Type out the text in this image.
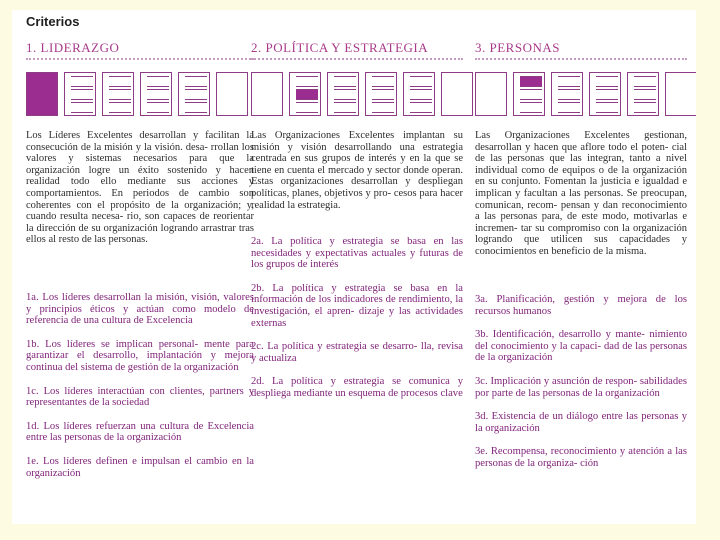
Criterios
1. LIDERAZGO
Los Líderes Excelentes desarrollan y facilitan la consecución de la misión y la visión. desa- rrollan los valores y sistemas necesarios para que la organización logre un éxito sostenido y hacen realidad todo ello mediante sus acciones y comportamientos. En periodos de cambio son coherentes con el propósito de la organización; y, cuando resulta necesa- rio, son capaces de reorientar la dirección de su organización logrando arrastrar tras ellos al resto de las personas.
1a. Los líderes desarrollan la misión, visión, valores y principios éticos y actúan como modelo de referencia de una cultura de Excelencia
1b. Los líderes se implican personal- mente para garantizar el desarrollo, implantación y mejora continua del sistema de gestión de la organización
1c. Los líderes interactúan con clientes, partners y representantes de la sociedad
1d. Los líderes refuerzan una cultura de Excelencia entre las personas de la organización
1e. Los líderes definen e impulsan el cambio en la organización
2. POLÍTICA Y ESTRATEGIA
Las Organizaciones Excelentes implantan su misión y visión desarrollando una estrategia centrada en sus grupos de interés y en la que se tiene en cuenta el mercado y sector donde operan. Estas organizaciones desarrollan y despliegan políticas, planes, objetivos y pro- cesos para hacer realidad la estrategia.
2a. La política y estrategia se basa en las necesidades y expectativas actuales y futuras de los grupos de interés
2b. La política y estrategia se basa en la información de los indicadores de rendimiento, la investigación, el apren- dizaje y las actividades externas
2c. La política y estrategia se desarro- lla, revisa y actualiza
2d. La política y estrategia se comunica y despliega mediante un esquema de procesos clave
3. PERSONAS
Las Organizaciones Excelentes gestionan, desarrollan y hacen que aflore todo el poten- cial de las personas que las integran, tanto a nivel individual como de equipos o de la organización en su conjunto. Fomentan la justicia e igualdad e implican y facultan a las personas. Se preocupan, comunican, recom- pensan y dan reconocimiento a las personas para, de este modo, motivarlas e incremen- tar su compromiso con la organización logrando que utilicen sus capacidades y conocimientos en beneficio de la misma.
3a. Planificación, gestión y mejora de los recursos humanos
3b. Identificación, desarrollo y mante- nimiento del conocimiento y la capaci- dad de las personas de la organización
3c. Implicación y asunción de respon- sabilidades por parte de las personas de la organización
3d. Existencia de un diálogo entre las personas y la organización
3e. Recompensa, reconocimiento y atención a las personas de la organiza- ción
